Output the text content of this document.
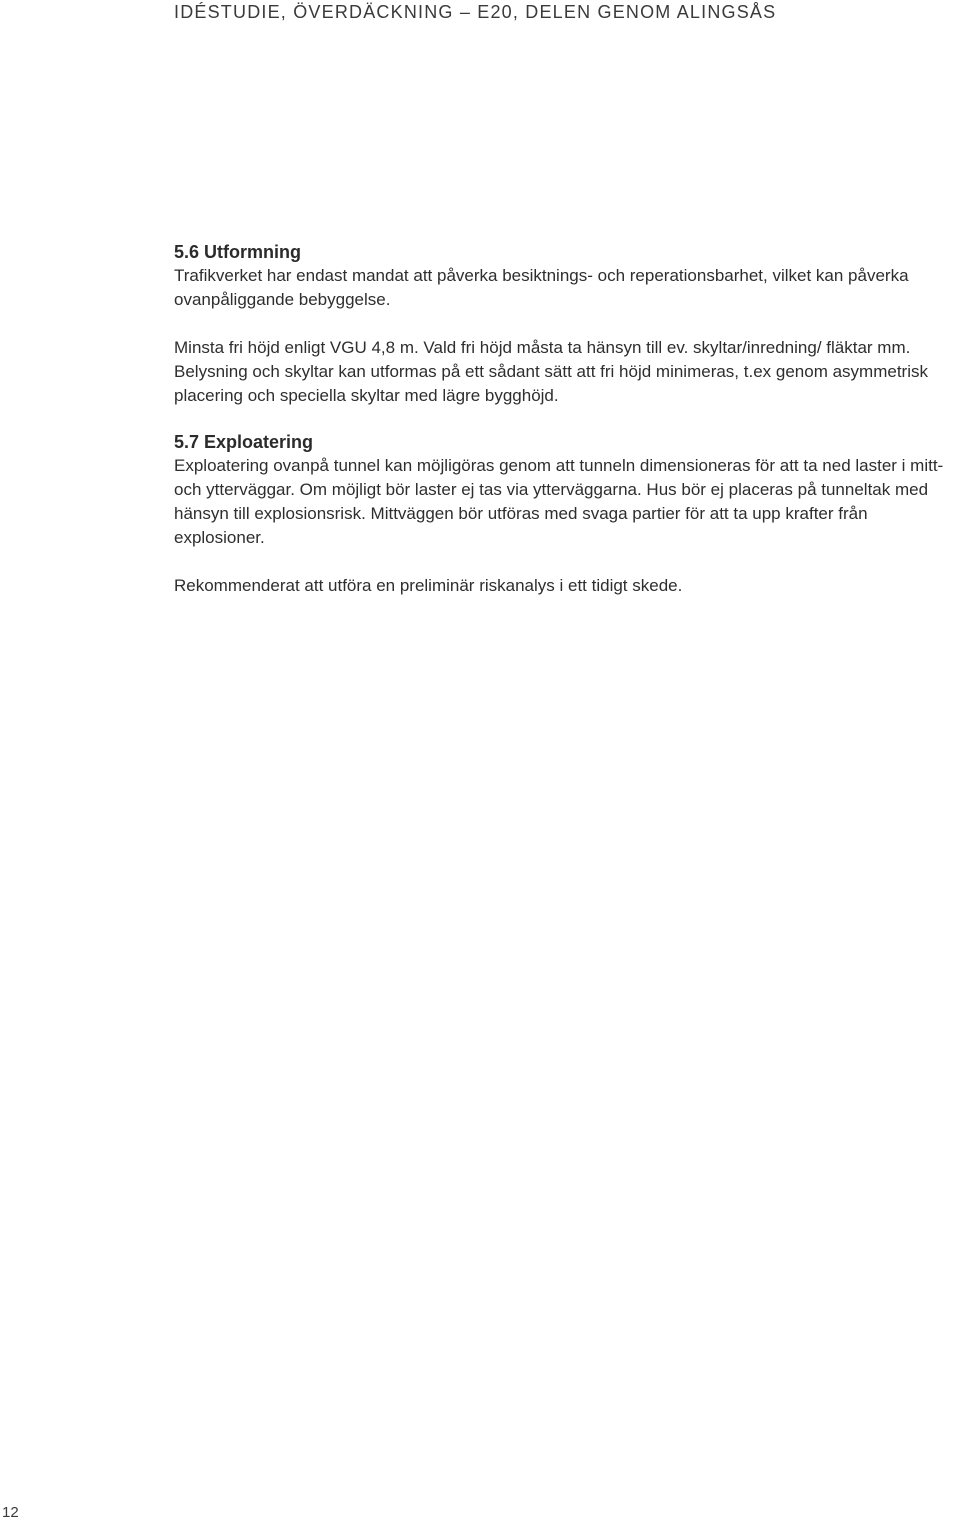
IDÉSTUDIE, ÖVERDÄCKNING – E20, DELEN GENOM ALINGSÅS
5.6 Utformning

Trafikverket har endast mandat att påverka besiktnings- och reperationsbarhet, vilket kan påverka ovanpåliggande bebyggelse.

Minsta fri höjd enligt VGU 4,8 m. Vald fri höjd måsta ta hänsyn till ev. skyltar/inredning/ fläktar mm. Belysning och skyltar kan utformas på ett sådant sätt att fri höjd minimeras, t.ex genom asymmetrisk placering och speciella skyltar med lägre bygghöjd.

5.7 Exploatering

Exploatering ovanpå tunnel kan möjligöras genom att tunneln dimensioneras för att ta ned laster i mitt- och ytterväggar. Om möjligt bör laster ej tas via ytterväggarna. Hus bör ej placeras på tunneltak med hänsyn till explosionsrisk. Mittväggen bör utföras med svaga partier för att ta upp krafter från explosioner.

Rekommenderat att utföra en preliminär riskanalys i ett tidigt skede.

12
